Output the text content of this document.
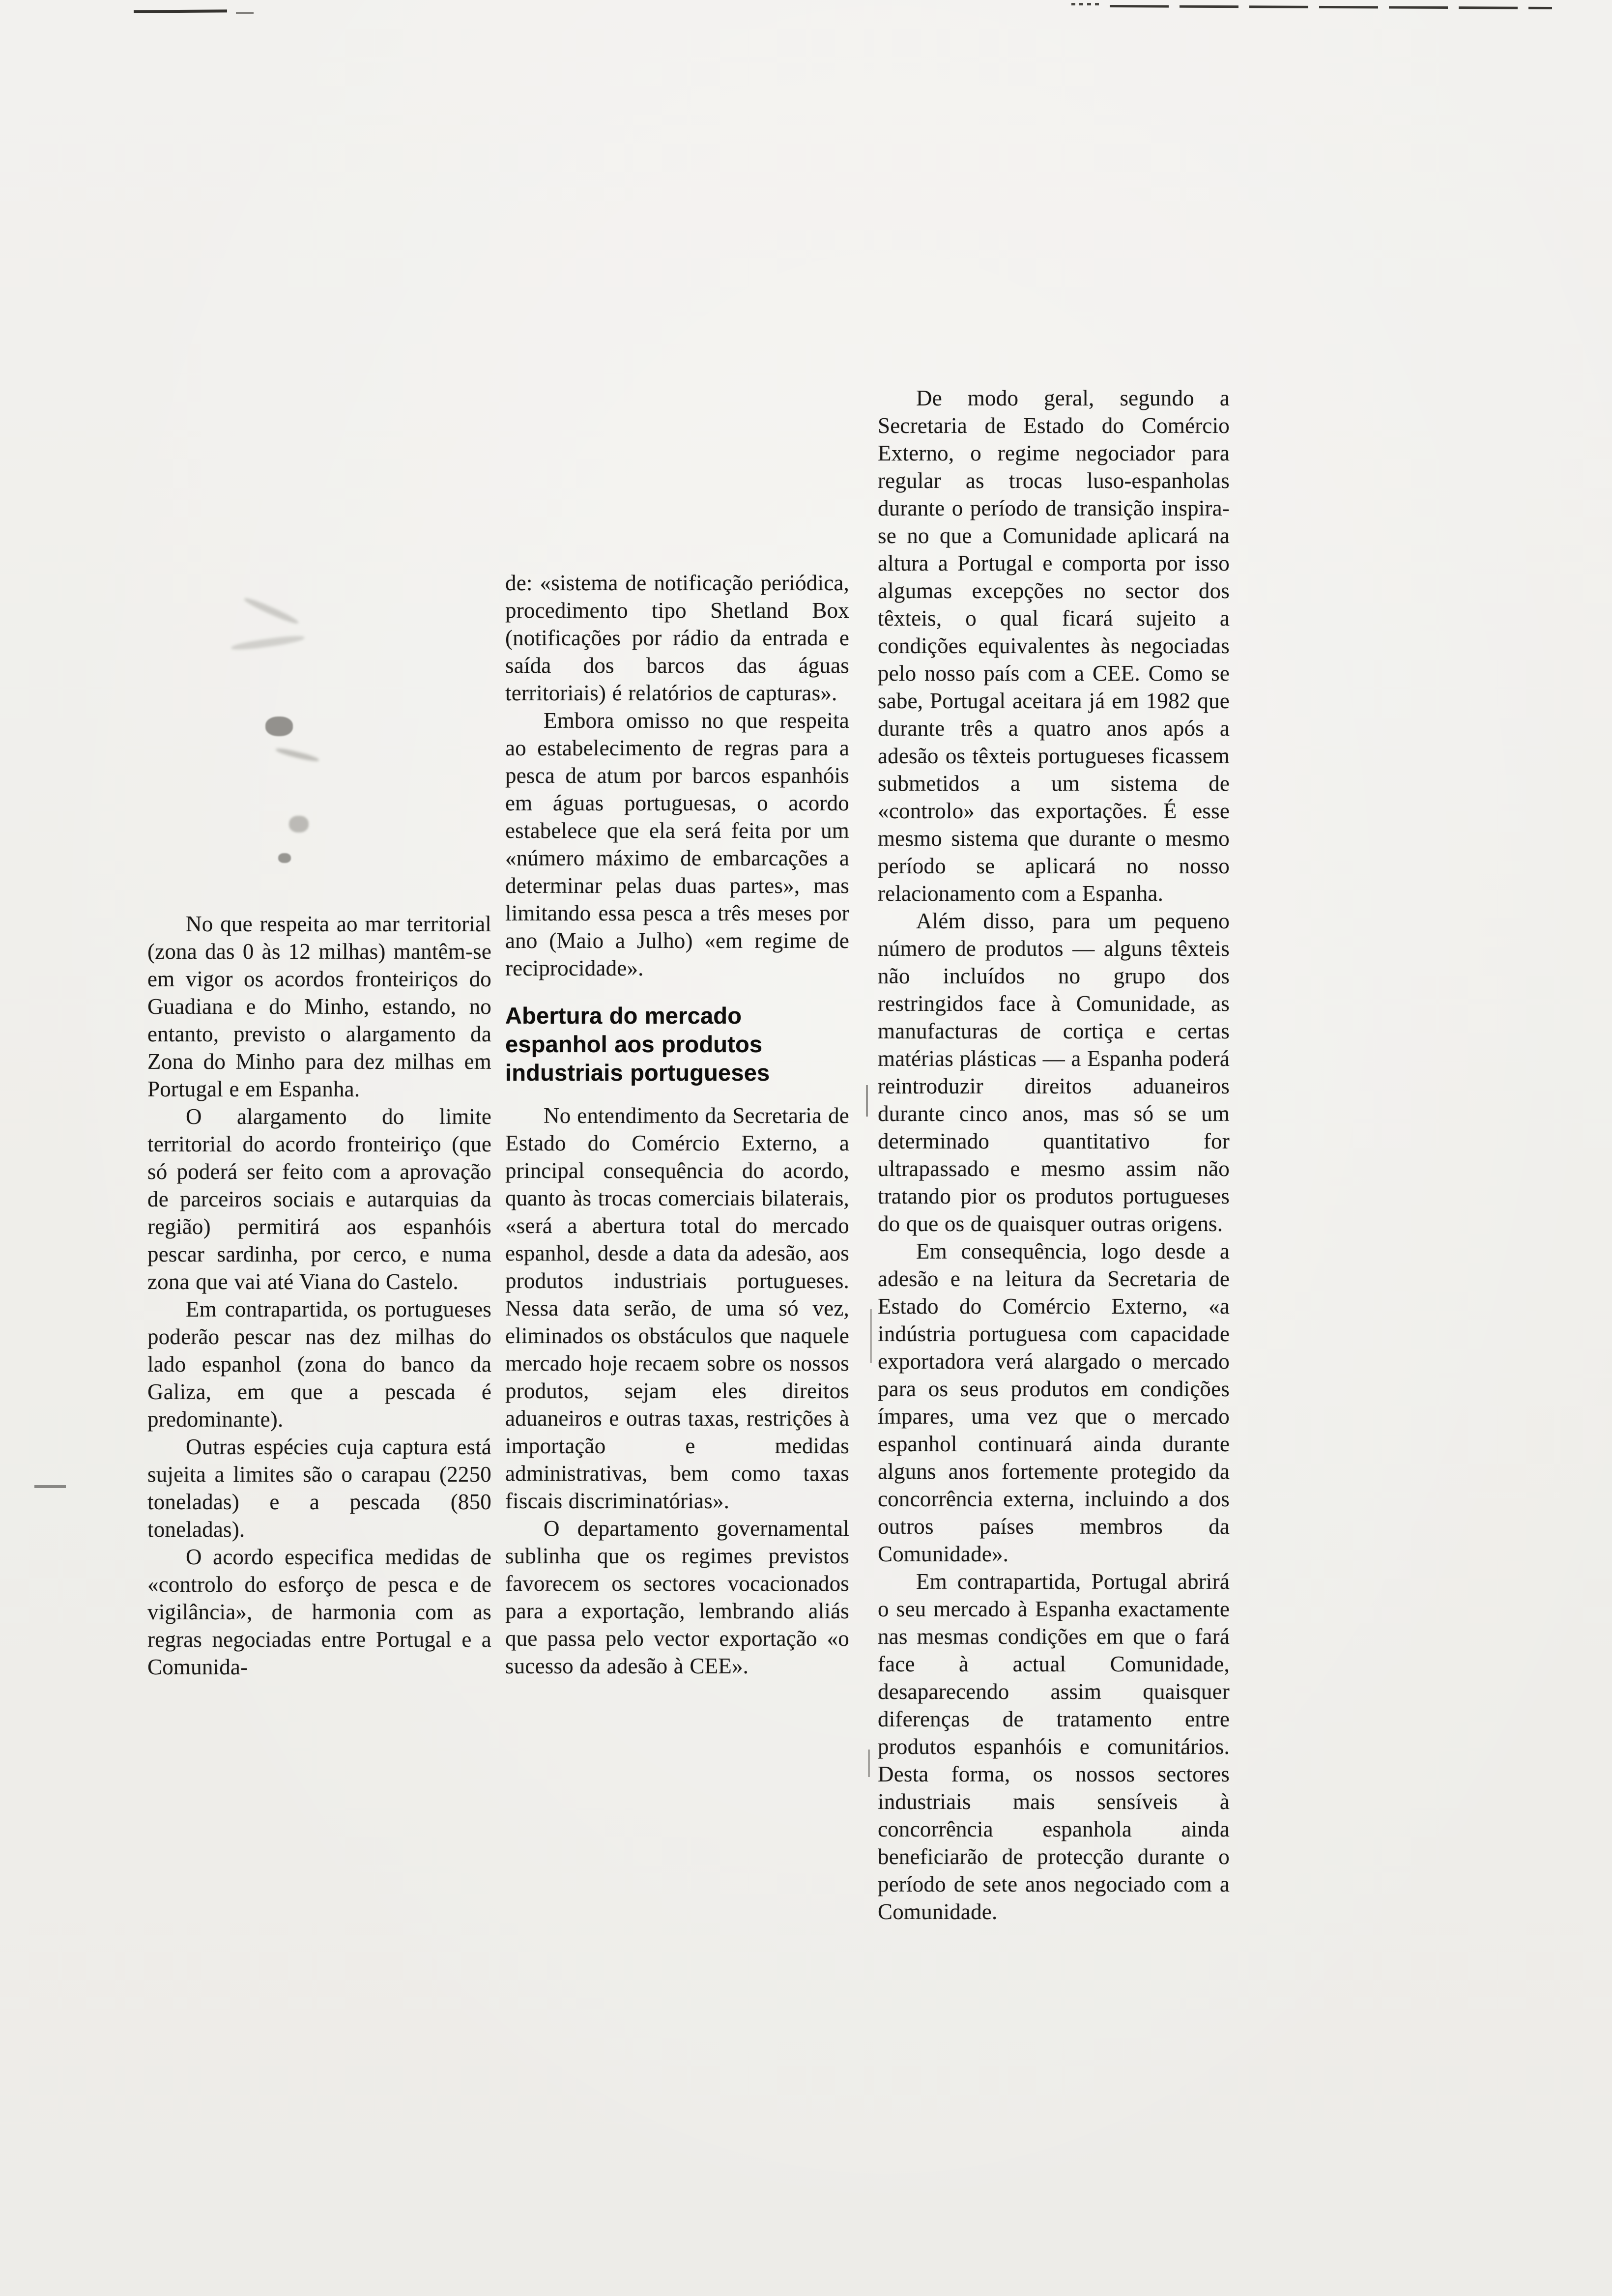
No que respeita ao mar territorial (zona das 0 às 12 milhas) mantêm-se em vigor os acordos fronteiriços do Guadiana e do Minho, estando, no entanto, previsto o alargamento da Zona do Minho para dez milhas em Portugal e em Espanha.

O alargamento do limite territorial do acordo fronteiriço (que só poderá ser feito com a aprovação de parceiros sociais e autarquias da região) permitirá aos espanhóis pescar sardinha, por cerco, e numa zona que vai até Viana do Castelo.

Em contrapartida, os portugueses poderão pescar nas dez milhas do lado espanhol (zona do banco da Galiza, em que a pescada é predominante).

Outras espécies cuja captura está sujeita a limites são o carapau (2250 toneladas) e a pescada (850 toneladas).

O acordo especifica medidas de «controlo do esforço de pesca e de vigilância», de harmonia com as regras negociadas entre Portugal e a Comunida-

de: «sistema de notificação periódica, procedimento tipo Shetland Box (notificações por rádio da entrada e saída dos barcos das águas territoriais) é relatórios de capturas».

Embora omisso no que respeita ao estabelecimento de regras para a pesca de atum por barcos espanhóis em águas portuguesas, o acordo estabelece que ela será feita por um «número máximo de embarcações a determinar pelas duas partes», mas limitando essa pesca a três meses por ano (Maio a Julho) «em regime de reciprocidade».

Abertura do mercado espanhol aos produtos industriais portugueses

No entendimento da Secretaria de Estado do Comércio Externo, a principal consequência do acordo, quanto às trocas comerciais bilaterais, «será a abertura total do mercado espanhol, desde a data da adesão, aos produtos industriais portugueses. Nessa data serão, de uma só vez, eliminados os obstáculos que naquele mercado hoje recaem sobre os nossos produtos, sejam eles direitos aduaneiros e outras taxas, restrições à importação e medidas administrativas, bem como taxas fiscais discriminatórias».

O departamento governamental sublinha que os regimes previstos favorecem os sectores vocacionados para a exportação, lembrando aliás que passa pelo vector exportação «o sucesso da adesão à CEE».

De modo geral, segundo a Secretaria de Estado do Comércio Externo, o regime negociador para regular as trocas luso-espanholas durante o período de transição inspira-se no que a Comunidade aplicará na altura a Portugal e comporta por isso algumas excepções no sector dos têxteis, o qual ficará sujeito a condições equivalentes às negociadas pelo nosso país com a CEE. Como se sabe, Portugal aceitara já em 1982 que durante três a quatro anos após a adesão os têxteis portugueses ficassem submetidos a um sistema de «controlo» das exportações. É esse mesmo sistema que durante o mesmo período se aplicará no nosso relacionamento com a Espanha.

Além disso, para um pequeno número de produtos — alguns têxteis não incluídos no grupo dos restringidos face à Comunidade, as manufacturas de cortiça e certas matérias plásticas — a Espanha poderá reintroduzir direitos aduaneiros durante cinco anos, mas só se um determinado quantitativo for ultrapassado e mesmo assim não tratando pior os produtos portugueses do que os de quaisquer outras origens.

Em consequência, logo desde a adesão e na leitura da Secretaria de Estado do Comércio Externo, «a indústria portuguesa com capacidade exportadora verá alargado o mercado para os seus produtos em condições ímpares, uma vez que o mercado espanhol continuará ainda durante alguns anos fortemente protegido da concorrência externa, incluindo a dos outros países membros da Comunidade».

Em contrapartida, Portugal abrirá o seu mercado à Espanha exactamente nas mesmas condições em que o fará face à actual Comunidade, desaparecendo assim quaisquer diferenças de tratamento entre produtos espanhóis e comunitários. Desta forma, os nossos sectores industriais mais sensíveis à concorrência espanhola ainda beneficiarão de protecção durante o período de sete anos negociado com a Comunidade.
